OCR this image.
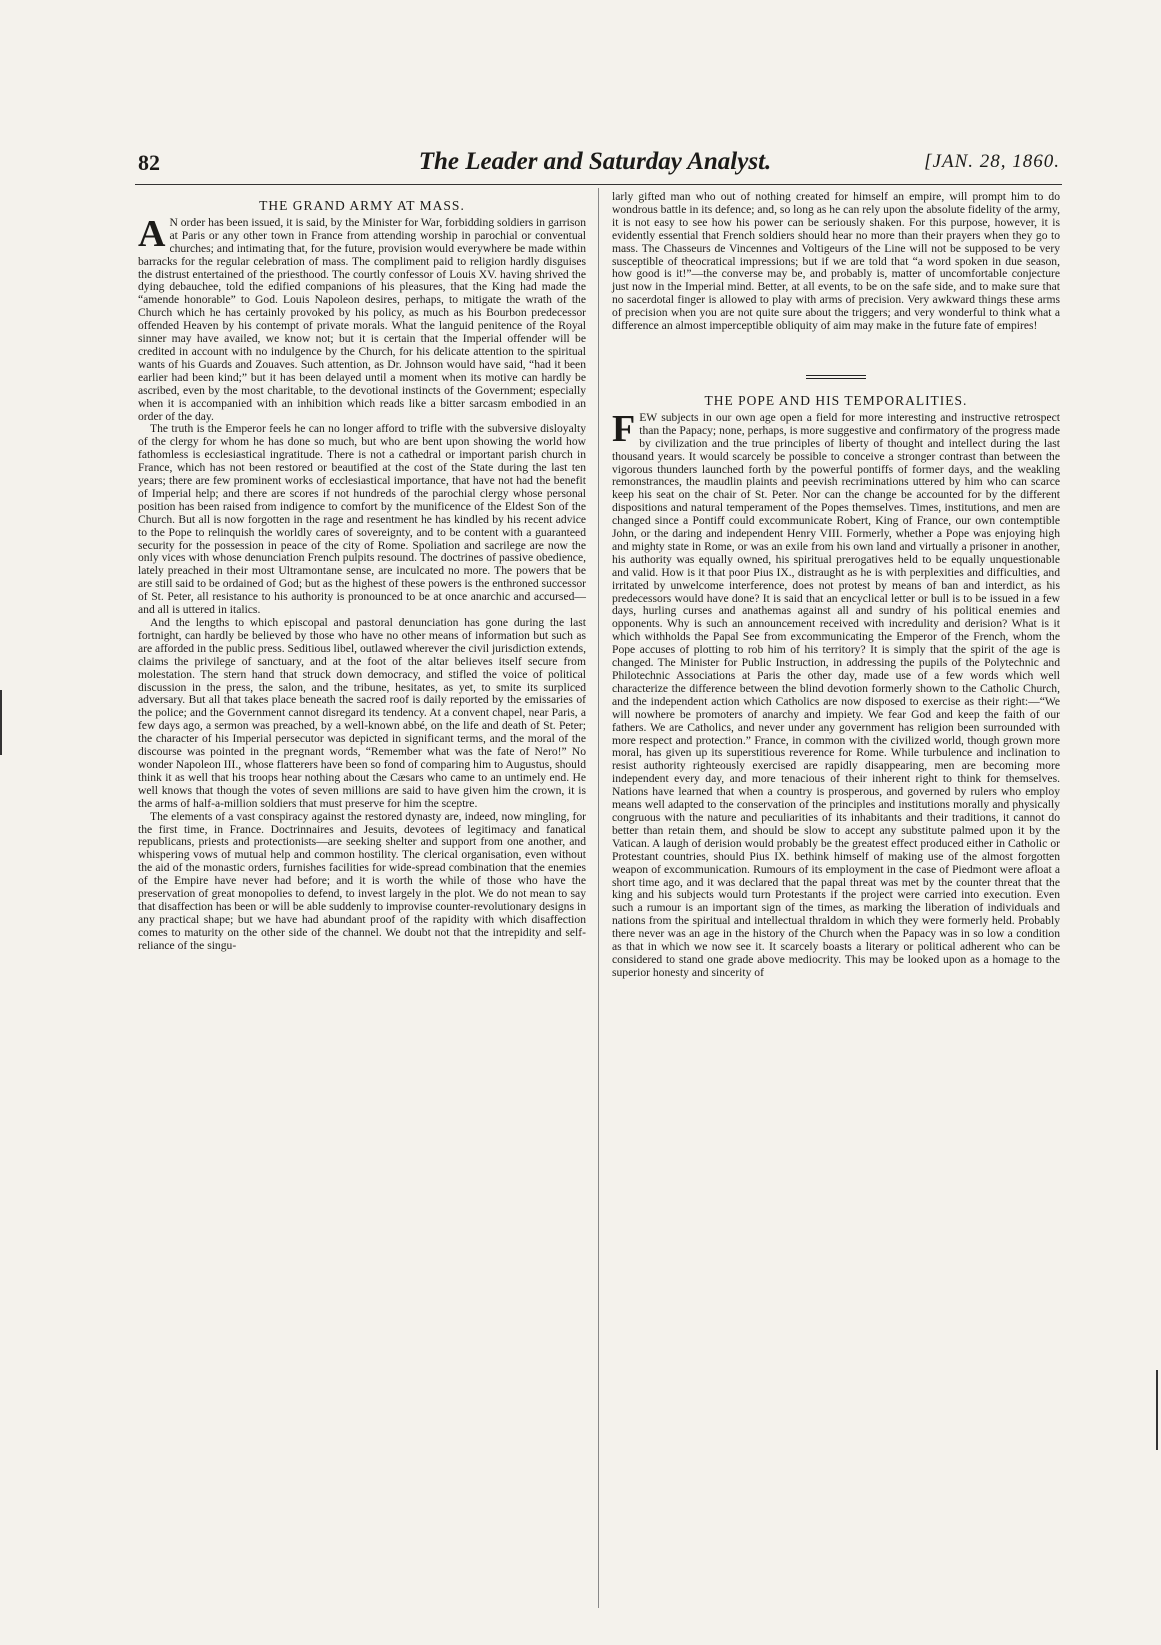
82	The Leader and Saturday Analyst.	[JAN. 28, 1860.
THE GRAND ARMY AT MASS.

A N order has been issued, it is said, by the Minister for War, forbidding soldiers in garrison at Paris or any other town in France from attending worship in parochial or conventual churches; and intimating that, for the future, provision would everywhere be made within barracks for the regular celebration of mass. The compliment paid to religion hardly disguises the distrust entertained of the priesthood. The courtly confessor of Louis XV. having shrived the dying debauchee, told the edified companions of his pleasures, that the King had made the “amende honorable” to God. Louis Napoleon desires, perhaps, to mitigate the wrath of the Church which he has certainly provoked by his policy, as much as his Bourbon predecessor offended Heaven by his contempt of private morals. What the languid penitence of the Royal sinner may have availed, we know not; but it is certain that the Imperial offender will be credited in account with no indulgence by the Church, for his delicate attention to the spiritual wants of his Guards and Zouaves. Such attention, as Dr. Johnson would have said, “had it been earlier had been kind;” but it has been delayed until a moment when its motive can hardly be ascribed, even by the most charitable, to the devotional instincts of the Government; especially when it is accompanied with an inhibition which reads like a bitter sarcasm embodied in an order of the day.

The truth is the Emperor feels he can no longer afford to trifle with the subversive disloyalty of the clergy for whom he has done so much, but who are bent upon showing the world how fathomless is ecclesiastical ingratitude. There is not a cathedral or important parish church in France, which has not been restored or beautified at the cost of the State during the last ten years; there are few prominent works of ecclesiastical importance, that have not had the benefit of Imperial help; and there are scores if not hundreds of the parochial clergy whose personal position has been raised from indigence to comfort by the munificence of the Eldest Son of the Church. But all is now forgotten in the rage and resentment he has kindled by his recent advice to the Pope to relinquish the worldly cares of sovereignty, and to be content with a guaranteed security for the possession in peace of the city of Rome. Spoliation and sacrilege are now the only vices with whose denunciation French pulpits resound. The doctrines of passive obedience, lately preached in their most Ultramontane sense, are inculcated no more. The powers that be are still said to be ordained of God; but as the highest of these powers is the enthroned successor of St. Peter, all resistance to his authority is pronounced to be at once anarchic and accursed—and all is uttered in italics.

And the lengths to which episcopal and pastoral denunciation has gone during the last fortnight, can hardly be believed by those who have no other means of information but such as are afforded in the public press. Seditious libel, outlawed wherever the civil jurisdiction extends, claims the privilege of sanctuary, and at the foot of the altar believes itself secure from molestation. The stern hand that struck down democracy, and stifled the voice of political discussion in the press, the salon, and the tribune, hesitates, as yet, to smite its surpliced adversary. But all that takes place beneath the sacred roof is daily reported by the emissaries of the police; and the Government cannot disregard its tendency. At a convent chapel, near Paris, a few days ago, a sermon was preached, by a well-known abbé, on the life and death of St. Peter; the character of his Imperial persecutor was depicted in significant terms, and the moral of the discourse was pointed in the pregnant words, “Remember what was the fate of Nero!” No wonder Napoleon III., whose flatterers have been so fond of comparing him to Augustus, should think it as well that his troops hear nothing about the Cæsars who came to an untimely end. He well knows that though the votes of seven millions are said to have given him the crown, it is the arms of half-a-million soldiers that must preserve for him the sceptre.

The elements of a vast conspiracy against the restored dynasty are, indeed, now mingling, for the first time, in France. Doctrinnaires and Jesuits, devotees of legitimacy and fanatical republicans, priests and protectionists—are seeking shelter and support from one another, and whispering vows of mutual help and common hostility. The clerical organisation, even without the aid of the monastic orders, furnishes facilities for wide-spread combination that the enemies of the Empire have never had before; and it is worth the while of those who have the preservation of great monopolies to defend, to invest largely in the plot. We do not mean to say that disaffection has been or will be able suddenly to improvise counter-revolutionary designs in any practical shape; but we have had abundant proof of the rapidity with which disaffection comes to maturity on the other side of the channel. We doubt not that the intrepidity and self-reliance of the singu-

larly gifted man who out of nothing created for himself an empire, will prompt him to do wondrous battle in its defence; and, so long as he can rely upon the absolute fidelity of the army, it is not easy to see how his power can be seriously shaken. For this purpose, however, it is evidently essential that French soldiers should hear no more than their prayers when they go to mass. The Chasseurs de Vincennes and Voltigeurs of the Line will not be supposed to be very susceptible of theocratical impressions; but if we are told that “a word spoken in due season, how good is it!”—the converse may be, and probably is, matter of uncomfortable conjecture just now in the Imperial mind. Better, at all events, to be on the safe side, and to make sure that no sacerdotal finger is allowed to play with arms of precision. Very awkward things these arms of precision when you are not quite sure about the triggers; and very wonderful to think what a difference an almost imperceptible obliquity of aim may make in the future fate of empires!

THE POPE AND HIS TEMPORALITIES.

FEW subjects in our own age open a field for more interesting and instructive retrospect than the Papacy; none, perhaps, is more suggestive and confirmatory of the progress made by civilization and the true principles of liberty of thought and intellect during the last thousand years. It would scarcely be possible to conceive a stronger contrast than between the vigorous thunders launched forth by the powerful pontiffs of former days, and the weakling remonstrances, the maudlin plaints and peevish recriminations uttered by him who can scarce keep his seat on the chair of St. Peter. Nor can the change be accounted for by the different dispositions and natural temperament of the Popes themselves. Times, institutions, and men are changed since a Pontiff could excommunicate Robert, King of France, our own contemptible John, or the daring and independent Henry VIII. Formerly, whether a Pope was enjoying high and mighty state in Rome, or was an exile from his own land and virtually a prisoner in another, his authority was equally owned, his spiritual prerogatives held to be equally unquestionable and valid. How is it that poor Pius IX., distraught as he is with perplexities and difficulties, and irritated by unwelcome interference, does not protest by means of ban and interdict, as his predecessors would have done? It is said that an encyclical letter or bull is to be issued in a few days, hurling curses and anathemas against all and sundry of his political enemies and opponents. Why is such an announcement received with incredulity and derision? What is it which withholds the Papal See from excommunicating the Emperor of the French, whom the Pope accuses of plotting to rob him of his territory? It is simply that the spirit of the age is changed. The Minister for Public Instruction, in addressing the pupils of the Polytechnic and Philotechnic Associations at Paris the other day, made use of a few words which well characterize the difference between the blind devotion formerly shown to the Catholic Church, and the independent action which Catholics are now disposed to exercise as their right:—“We will nowhere be promoters of anarchy and impiety. We fear God and keep the faith of our fathers. We are Catholics, and never under any government has religion been surrounded with more respect and protection.” France, in common with the civilized world, though grown more moral, has given up its superstitious reverence for Rome. While turbulence and inclination to resist authority righteously exercised are rapidly disappearing, men are becoming more independent every day, and more tenacious of their inherent right to think for themselves. Nations have learned that when a country is prosperous, and governed by rulers who employ means well adapted to the conservation of the principles and institutions morally and physically congruous with the nature and peculiarities of its inhabitants and their traditions, it cannot do better than retain them, and should be slow to accept any substitute palmed upon it by the Vatican. A laugh of derision would probably be the greatest effect produced either in Catholic or Protestant countries, should Pius IX. bethink himself of making use of the almost forgotten weapon of excommunication. Rumours of its employment in the case of Piedmont were afloat a short time ago, and it was declared that the papal threat was met by the counter threat that the king and his subjects would turn Protestants if the project were carried into execution. Even such a rumour is an important sign of the times, as marking the liberation of individuals and nations from the spiritual and intellectual thraldom in which they were formerly held. Probably there never was an age in the history of the Church when the Papacy was in so low a condition as that in which we now see it. It scarcely boasts a literary or political adherent who can be considered to stand one grade above mediocrity. This may be looked upon as a homage to the superior honesty and sincerity of
